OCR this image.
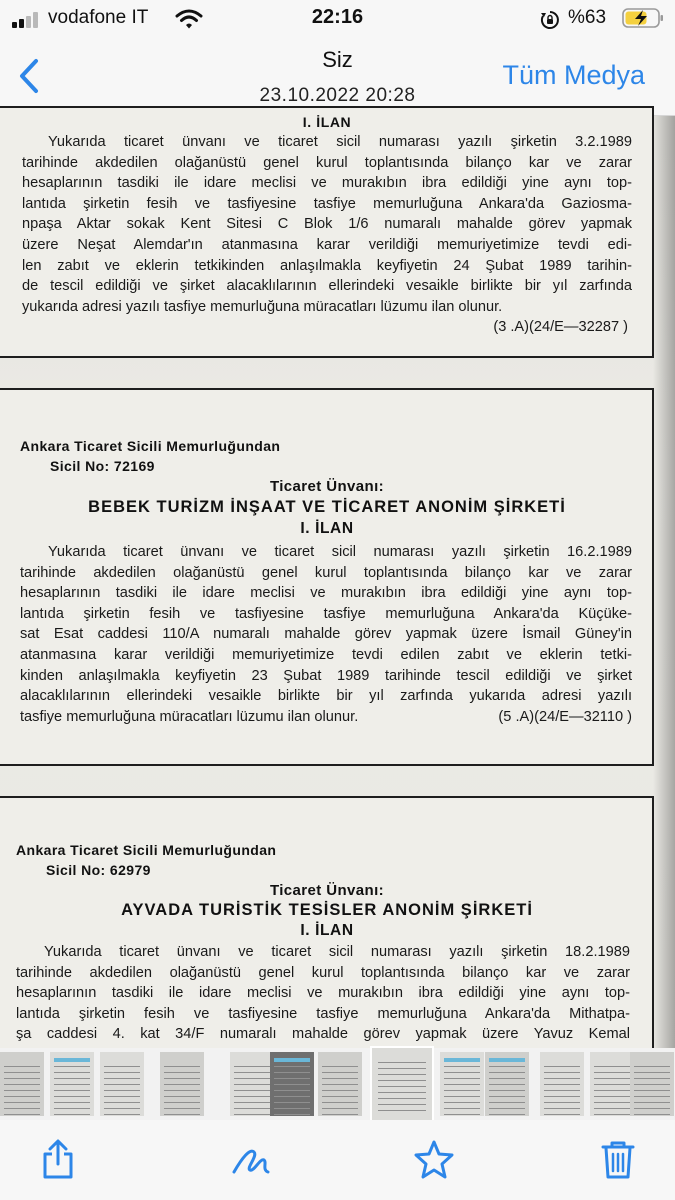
vodafone IT	22:16	%63
Siz
23.10.2022 20:28
Tüm Medya
I. İLAN
Yukarıda ticaret ünvanı ve ticaret sicil numarası yazılı şirketin 3.2.1989
tarihinde akdedilen olağanüstü genel kurul toplantısında bilanço kar ve zarar
hesaplarının tasdiki ile idare meclisi ve murakıbın ibra edildiği yine aynı top-
lantıda şirketin fesih ve tasfiyesine tasfiye memurluğuna Ankara'da Gaziosma-
npaşa Aktar sokak Kent Sitesi C Blok 1/6 numaralı mahalde görev yapmak
üzere Neşat Alemdar'ın atanmasına karar verildiği memuriyetimize tevdi edi-
len zabıt ve eklerin tetkikinden anlaşılmakla keyfiyetin 24 Şubat 1989 tarihin-
de tescil edildiği ve şirket alacaklılarının ellerindeki vesaikle birlikte bir yıl zarfında
yukarıda adresi yazılı tasfiye memurluğuna müracatları lüzumu ilan olunur.
(3 .A)(24/E—32287 )
Ankara Ticaret Sicili Memurluğundan
Sicil No: 72169
Ticaret Ünvanı:
BEBEK TURİZM İNŞAAT VE TİCARET ANONİM ŞİRKETİ
I. İLAN
Yukarıda ticaret ünvanı ve ticaret sicil numarası yazılı şirketin 16.2.1989
tarihinde akdedilen olağanüstü genel kurul toplantısında bilanço kar ve zarar
hesaplarının tasdiki ile idare meclisi ve murakıbın ibra edildiği yine aynı top-
lantıda şirketin fesih ve tasfiyesine tasfiye memurluğuna Ankara'da Küçüke-
sat Esat caddesi 110/A numaralı mahalde görev yapmak üzere İsmail Güney'in
atanmasına karar verildiği memuriyetimize tevdi edilen zabıt ve eklerin tetki-
kinden anlaşılmakla keyfiyetin 23 Şubat 1989 tarihinde tescil edildiği ve şirket
alacaklılarının ellerindeki vesaikle birlikte bir yıl zarfında yukarıda adresi yazılı
tasfiye memurluğuna müracatları lüzumu ilan olunur.	(5 .A)(24/E—32110 )
Ankara Ticaret Sicili Memurluğundan
Sicil No: 62979
Ticaret Ünvanı:
AYVADA TURİSTİK TESİSLER ANONİM ŞİRKETİ
I. İLAN
Yukarıda ticaret ünvanı ve ticaret sicil numarası yazılı şirketin 18.2.1989
tarihinde akdedilen olağanüstü genel kurul toplantısında bilanço kar ve zarar
hesaplarının tasdiki ile idare meclisi ve murakıbın ibra edildiği yine aynı top-
lantıda şirketin fesih ve tasfiyesine tasfiye memurluğuna Ankara'da Mithatpa-
şa caddesi 4. kat 34/F numaralı mahalde görev yapmak üzere Yavuz Kemal
